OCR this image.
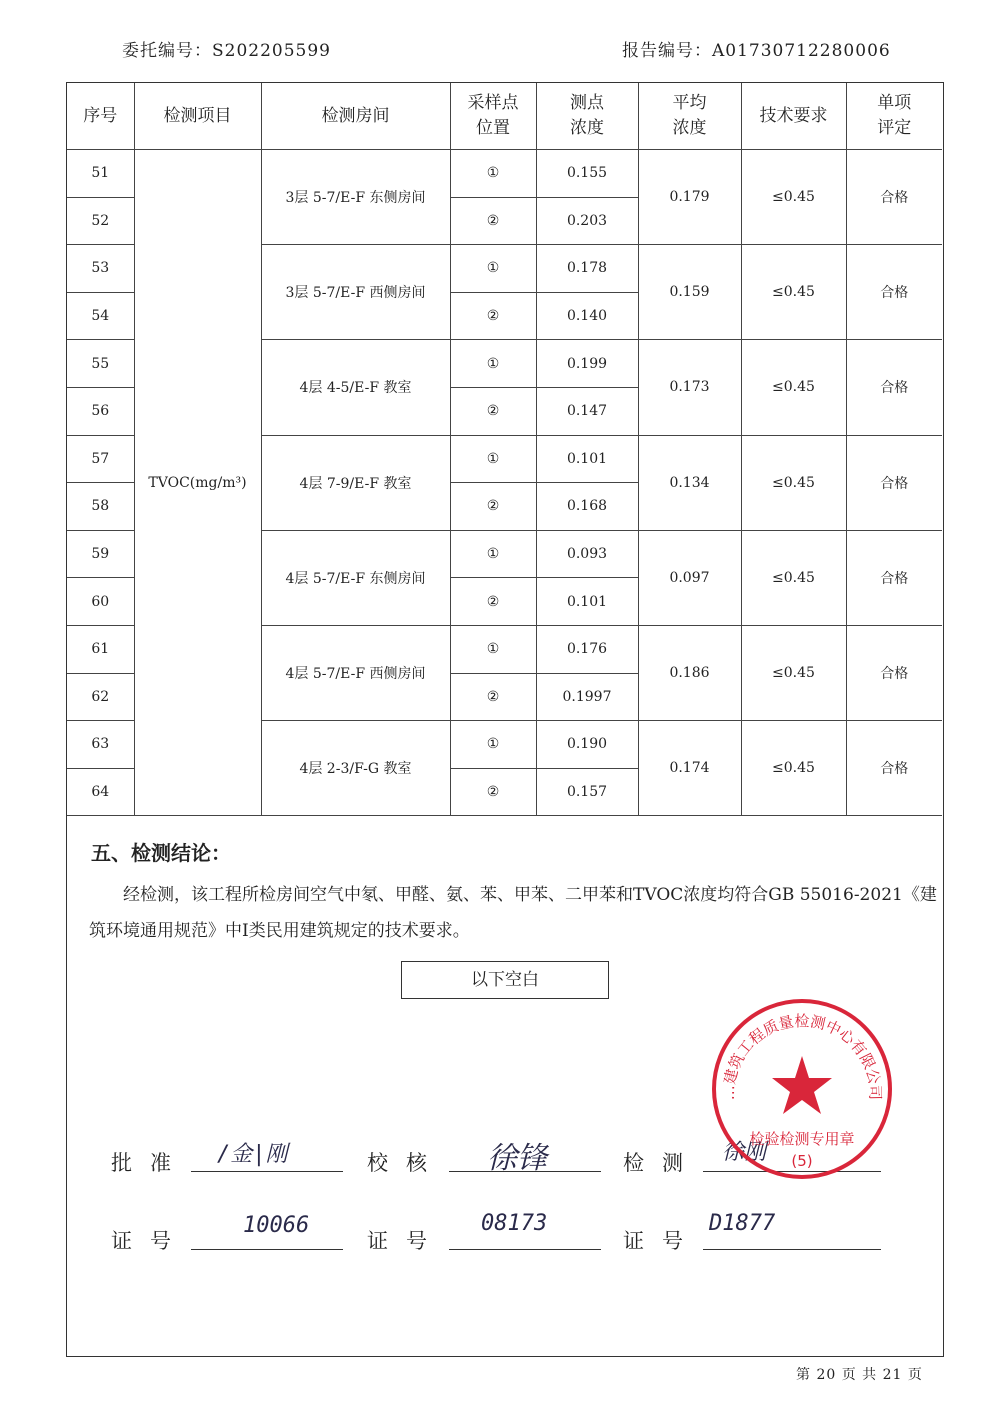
委托编号：S202205599	报告编号：A01730712280006
序号	检测项目	检测房间	采样点位置	测点浓度	平均浓度	技术要求	单项评定

51	TVOC(mg/m³)	3层 5-7/E-F 东侧房间	①	0.155	0.179	≤0.45	合格
52			②	0.203			
53		3层 5-7/E-F 西侧房间	①	0.178	0.159	≤0.45	合格
54			②	0.140			
55		4层 4-5/E-F 教室	①	0.199	0.173	≤0.45	合格
56			②	0.147			
57		4层 7-9/E-F 教室	①	0.101	0.134	≤0.45	合格
58			②	0.168			
59		4层 5-7/E-F 东侧房间	①	0.093	0.097	≤0.45	合格
60			②	0.101			
61		4层 5-7/E-F 西侧房间	①	0.176	0.186	≤0.45	合格
62			②	0.1997			
63		4层 2-3/F-G 教室	①	0.190	0.174	≤0.45	合格
64			②	0.157			
五、检测结论：
经检测，该工程所检房间空气中氡、甲醛、氨、苯、甲苯、二甲苯和TVOC浓度均符合GB 55016-2021《建筑环境通用规范》中Ⅰ类民用建筑规定的技术要求。
以下空白
批准 /金|刚	校核 徐锋	检测 徐刚
证号
10066
证号
08173
证号
D1877
…建筑工程质量检测中心有限公司
检验检测专用章
(5)
第 20 页 共 21 页
